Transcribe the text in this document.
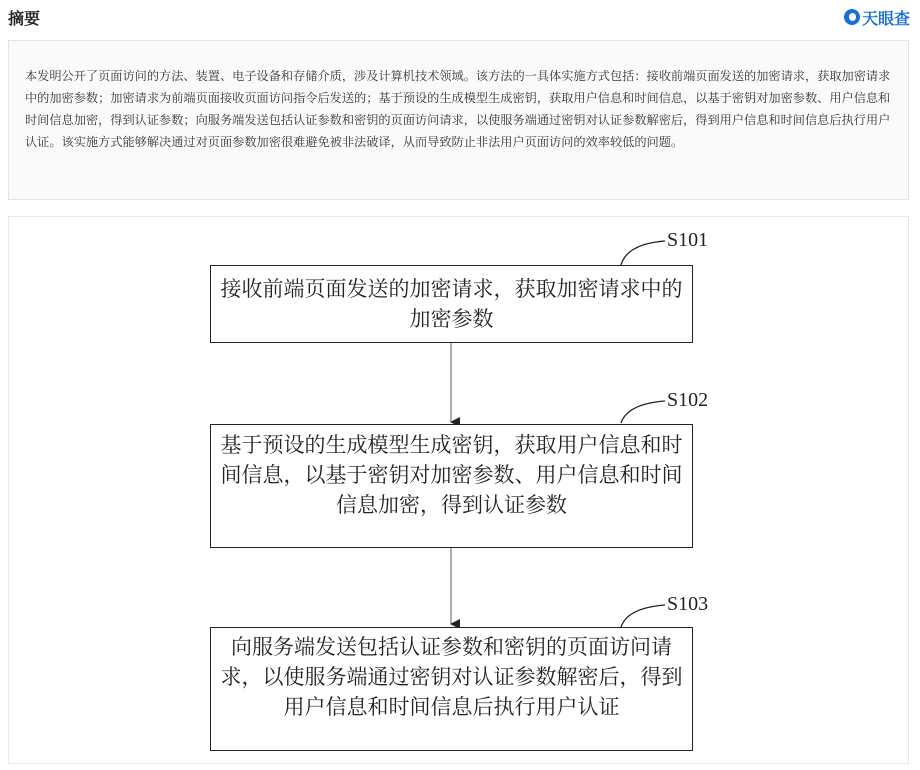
摘要	天眼查
本发明公开了页面访问的方法、装置、电子设备和存储介质，涉及计算机技术领域。该方法的一具体实施方式包括：接收前端页面发送的加密请求，获取加密请求中的加密参数；加密请求为前端页面接收页面访问指令后发送的；基于预设的生成模型生成密钥，获取用户信息和时间信息，以基于密钥对加密参数、用户信息和时间信息加密，得到认证参数；向服务端发送包括认证参数和密钥的页面访问请求，以使服务端通过密钥对认证参数解密后，得到用户信息和时间信息后执行用户认证。该实施方式能够解决通过对页面参数加密很难避免被非法破译，从而导致防止非法用户页面访问的效率较低的问题。
S101
接收前端页面发送的加密请求，获取加密请求中的加密参数
S102
基于预设的生成模型生成密钥，获取用户信息和时间信息，以基于密钥对加密参数、用户信息和时间信息加密，得到认证参数
S103
向服务端发送包括认证参数和密钥的页面访问请求，以使服务端通过密钥对认证参数解密后，得到用户信息和时间信息后执行用户认证
